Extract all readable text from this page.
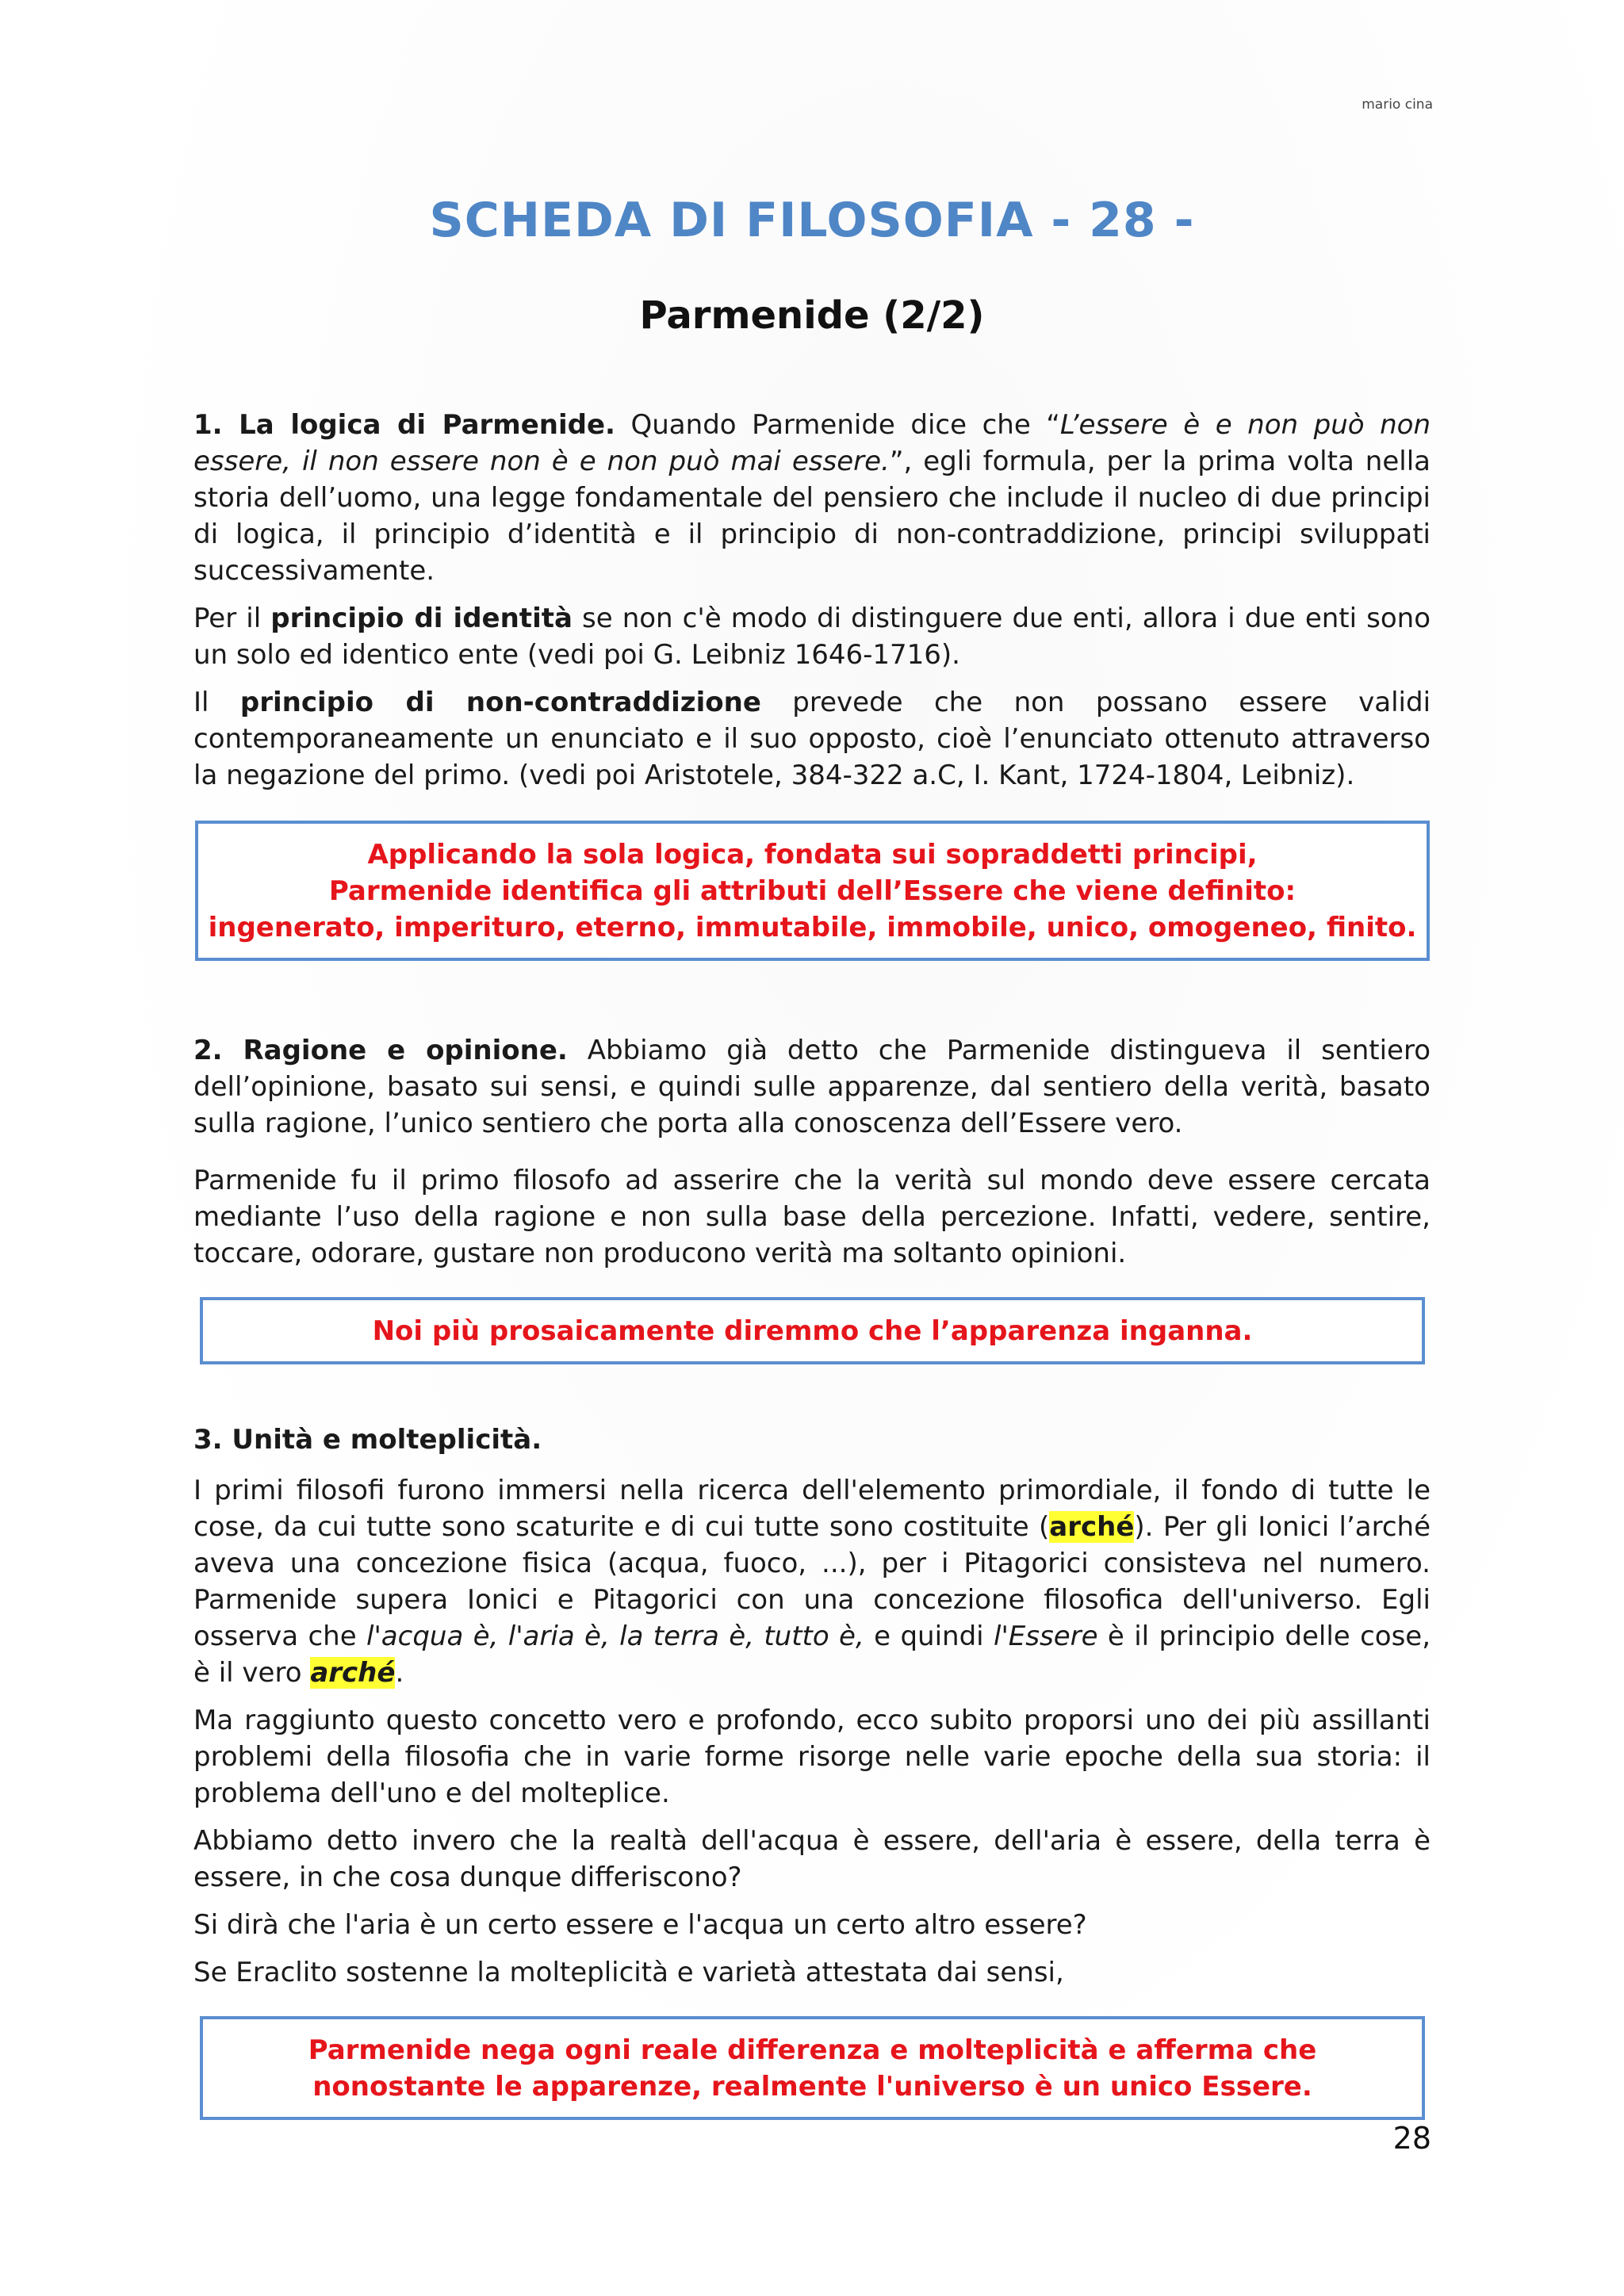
mario cina
SCHEDA DI FILOSOFIA - 28 -
Parmenide (2/2)

1. La logica di Parmenide. Quando Parmenide dice che “L’essere è e non può non essere, il non essere non è e non può mai essere.”, egli formula, per la prima volta nella storia dell’uomo, una legge fondamentale del pensiero che include il nucleo di due principi di logica, il principio d’identità e il principio di non-contraddizione, principi sviluppati successivamente.

Per il principio di identità se non c'è modo di distinguere due enti, allora i due enti sono un solo ed identico ente (vedi poi G. Leibniz 1646-1716).

Il principio di non-contraddizione prevede che non possano essere validi contemporaneamente un enunciato e il suo opposto, cioè l’enunciato ottenuto attraverso la negazione del primo. (vedi poi Aristotele, 384-322 a.C, I. Kant, 1724-1804, Leibniz).

Applicando la sola logica, fondata sui sopraddetti principi,
Parmenide identifica gli attributi dell’Essere che viene definito:
ingenerato, imperituro, eterno, immutabile, immobile, unico, omogeneo, finito.

2. Ragione e opinione. Abbiamo già detto che Parmenide distingueva il sentiero dell’opinione, basato sui sensi, e quindi sulle apparenze, dal sentiero della verità, basato sulla ragione, l’unico sentiero che porta alla conoscenza dell’Essere vero.

Parmenide fu il primo filosofo ad asserire che la verità sul mondo deve essere cercata mediante l’uso della ragione e non sulla base della percezione. Infatti, vedere, sentire, toccare, odorare, gustare non producono verità ma soltanto opinioni.

Noi più prosaicamente diremmo che l’apparenza inganna.

3. Unità e molteplicità.

I primi filosofi furono immersi nella ricerca dell'elemento primordiale, il fondo di tutte le cose, da cui tutte sono scaturite e di cui tutte sono costituite (arché). Per gli Ionici l’arché aveva una concezione fisica (acqua, fuoco, ...), per i Pitagorici consisteva nel numero. Parmenide supera Ionici e Pitagorici con una concezione filosofica dell'universo. Egli osserva che l'acqua è, l'aria è, la terra è, tutto è, e quindi l'Essere è il principio delle cose, è il vero arché.

Ma raggiunto questo concetto vero e profondo, ecco subito proporsi uno dei più assillanti problemi della filosofia che in varie forme risorge nelle varie epoche della sua storia: il problema dell'uno e del molteplice.

Abbiamo detto invero che la realtà dell'acqua è essere, dell'aria è essere, della terra è essere, in che cosa dunque differiscono?

Si dirà che l'aria è un certo essere e l'acqua un certo altro essere?

Se Eraclito sostenne la molteplicità e varietà attestata dai sensi,

Parmenide nega ogni reale differenza e molteplicità e afferma che
nonostante le apparenze, realmente l'universo è un unico Essere.
28
